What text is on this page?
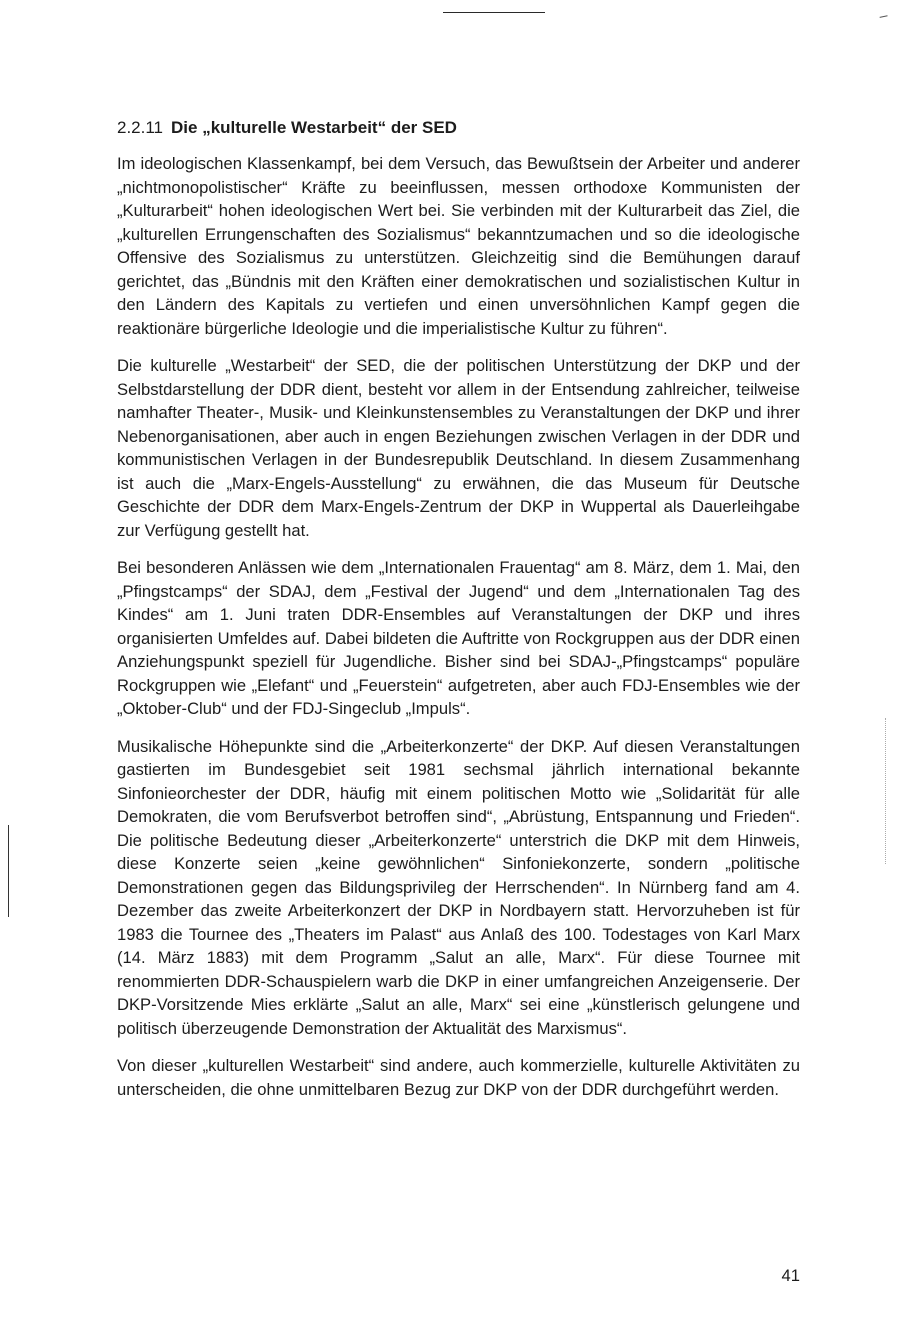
2.2.11 Die „kulturelle Westarbeit“ der SED

Im ideologischen Klassenkampf, bei dem Versuch, das Bewußtsein der Arbeiter und anderer „nichtmonopolistischer“ Kräfte zu beeinflussen, messen orthodoxe Kommunisten der „Kulturarbeit“ hohen ideologischen Wert bei. Sie verbinden mit der Kulturarbeit das Ziel, die „kulturellen Errungenschaften des Sozialismus“ bekanntzumachen und so die ideologische Offensive des Sozialismus zu unterstützen. Gleichzeitig sind die Bemühungen darauf gerichtet, das „Bündnis mit den Kräften einer demokratischen und sozialistischen Kultur in den Ländern des Kapitals zu vertiefen und einen unversöhnlichen Kampf gegen die reaktionäre bürgerliche Ideologie und die imperialistische Kultur zu führen“.

Die kulturelle „Westarbeit“ der SED, die der politischen Unterstützung der DKP und der Selbstdarstellung der DDR dient, besteht vor allem in der Entsendung zahlreicher, teilweise namhafter Theater-, Musik- und Kleinkunstensembles zu Veranstaltungen der DKP und ihrer Nebenorganisationen, aber auch in engen Beziehungen zwischen Verlagen in der DDR und kommunistischen Verlagen in der Bundesrepublik Deutschland. In diesem Zusammenhang ist auch die „Marx-Engels-Ausstellung“ zu erwähnen, die das Museum für Deutsche Geschichte der DDR dem Marx-Engels-Zentrum der DKP in Wuppertal als Dauerleihgabe zur Verfügung gestellt hat.

Bei besonderen Anlässen wie dem „Internationalen Frauentag“ am 8. März, dem 1. Mai, den „Pfingstcamps“ der SDAJ, dem „Festival der Jugend“ und dem „Internationalen Tag des Kindes“ am 1. Juni traten DDR-Ensembles auf Veranstaltungen der DKP und ihres organisierten Umfeldes auf. Dabei bildeten die Auftritte von Rockgruppen aus der DDR einen Anziehungspunkt speziell für Jugendliche. Bisher sind bei SDAJ-„Pfingstcamps“ populäre Rockgruppen wie „Elefant“ und „Feuerstein“ aufgetreten, aber auch FDJ-Ensembles wie der „Oktober-Club“ und der FDJ-Singeclub „Impuls“.

Musikalische Höhepunkte sind die „Arbeiterkonzerte“ der DKP. Auf diesen Veranstaltungen gastierten im Bundesgebiet seit 1981 sechsmal jährlich international bekannte Sinfonieorchester der DDR, häufig mit einem politischen Motto wie „Solidarität für alle Demokraten, die vom Berufsverbot betroffen sind“, „Abrüstung, Entspannung und Frieden“. Die politische Bedeutung dieser „Arbeiterkonzerte“ unterstrich die DKP mit dem Hinweis, diese Konzerte seien „keine gewöhnlichen“ Sinfoniekonzerte, sondern „politische Demonstrationen gegen das Bildungsprivileg der Herrschenden“. In Nürnberg fand am 4. Dezember das zweite Arbeiterkonzert der DKP in Nordbayern statt. Hervorzuheben ist für 1983 die Tournee des „Theaters im Palast“ aus Anlaß des 100. Todestages von Karl Marx (14. März 1883) mit dem Programm „Salut an alle, Marx“. Für diese Tournee mit renommierten DDR-Schauspielern warb die DKP in einer umfangreichen Anzeigenserie. Der DKP-Vorsitzende Mies erklärte „Salut an alle, Marx“ sei eine „künstlerisch gelungene und politisch überzeugende Demonstration der Aktualität des Marxismus“.

Von dieser „kulturellen Westarbeit“ sind andere, auch kommerzielle, kulturelle Aktivitäten zu unterscheiden, die ohne unmittelbaren Bezug zur DKP von der DDR durchgeführt werden.

41
